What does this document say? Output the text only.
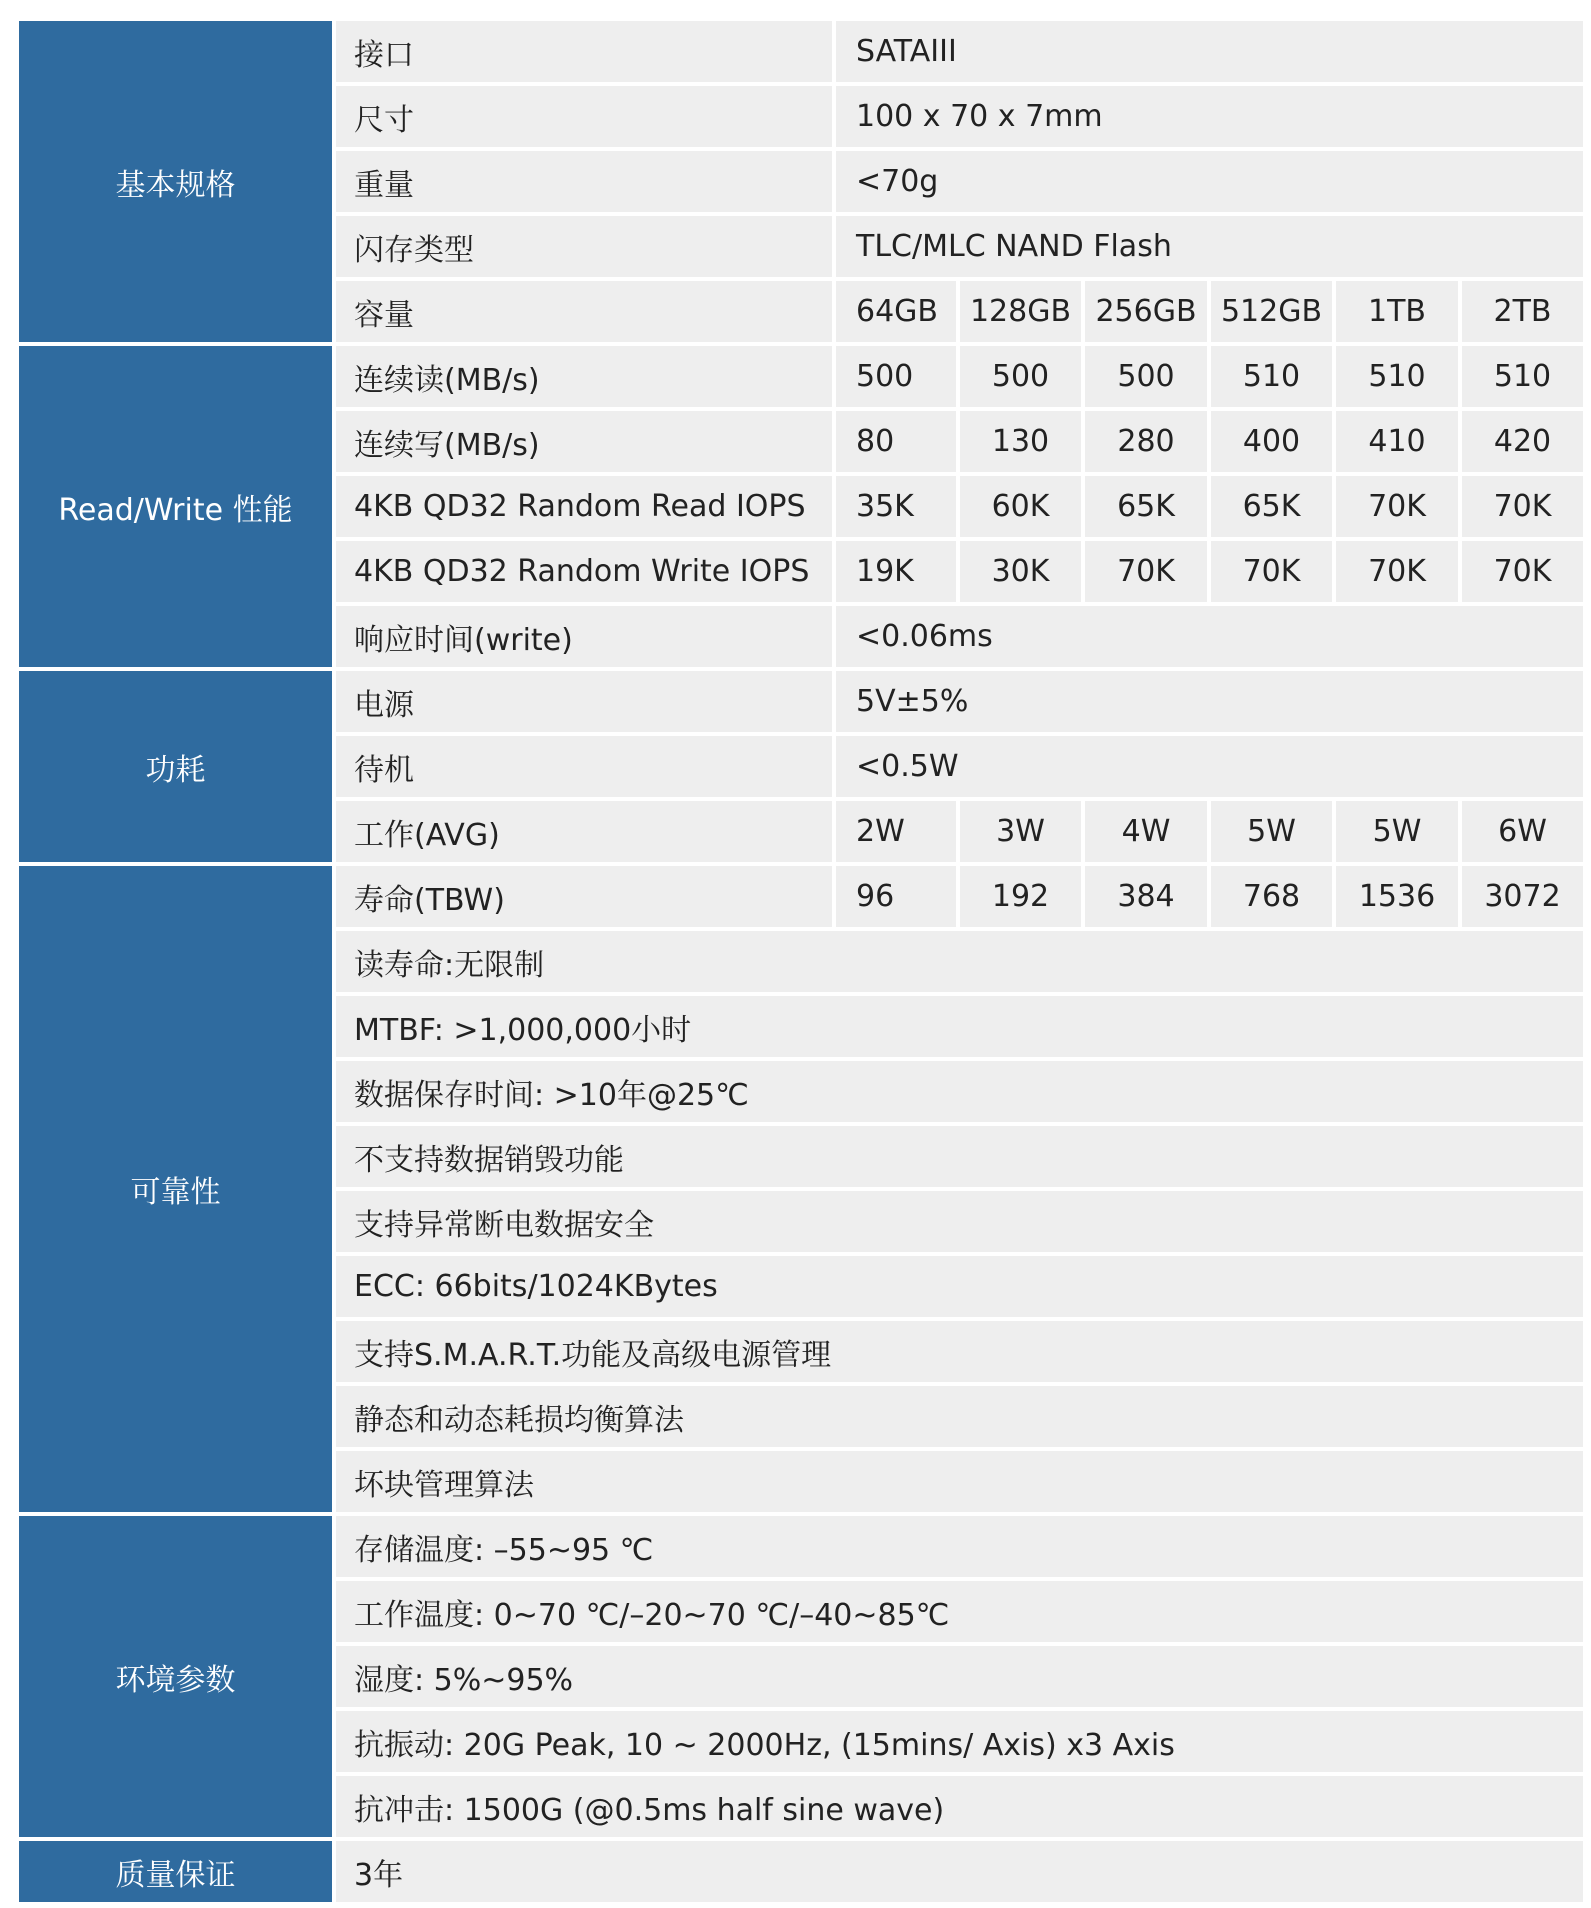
基本规格	接口	SATAIII					
	尺寸	100 x 70 x 7mm					
	重量	<70g					
	闪存类型	TLC/MLC NAND Flash					
	容量	64GB	128GB	256GB	512GB	1TB	2TB
Read/Write 性能	连续读(MB/s)	500	500	500	510	510	510
	连续写(MB/s)	80	130	280	400	410	420
	4KB QD32 Random Read IOPS	35K	60K	65K	65K	70K	70K
	4KB QD32 Random Write IOPS	19K	30K	70K	70K	70K	70K
	响应时间(write)	<0.06ms					
功耗	电源	5V±5%					
	待机	<0.5W					
	工作(AVG)	2W	3W	4W	5W	5W	6W
可靠性	寿命(TBW)	96	192	384	768	1536	3072
	读寿命:无限制						
	MTBF: >1,000,000小时						
	数据保存时间: >10年@25℃						
	不支持数据销毁功能						
	支持异常断电数据安全						
	ECC: 66bits/1024KBytes						
	支持S.M.A.R.T.功能及高级电源管理						
	静态和动态耗损均衡算法						
	坏块管理算法						
环境参数	存储温度: –55~95 ℃						
	工作温度: 0~70 ℃/–20~70 ℃/–40~85℃						
	湿度: 5%~95%						
	抗振动: 20G Peak, 10 ~ 2000Hz, (15mins/ Axis) x3 Axis						
	抗冲击: 1500G (@0.5ms half sine wave)						
质量保证	3年						
